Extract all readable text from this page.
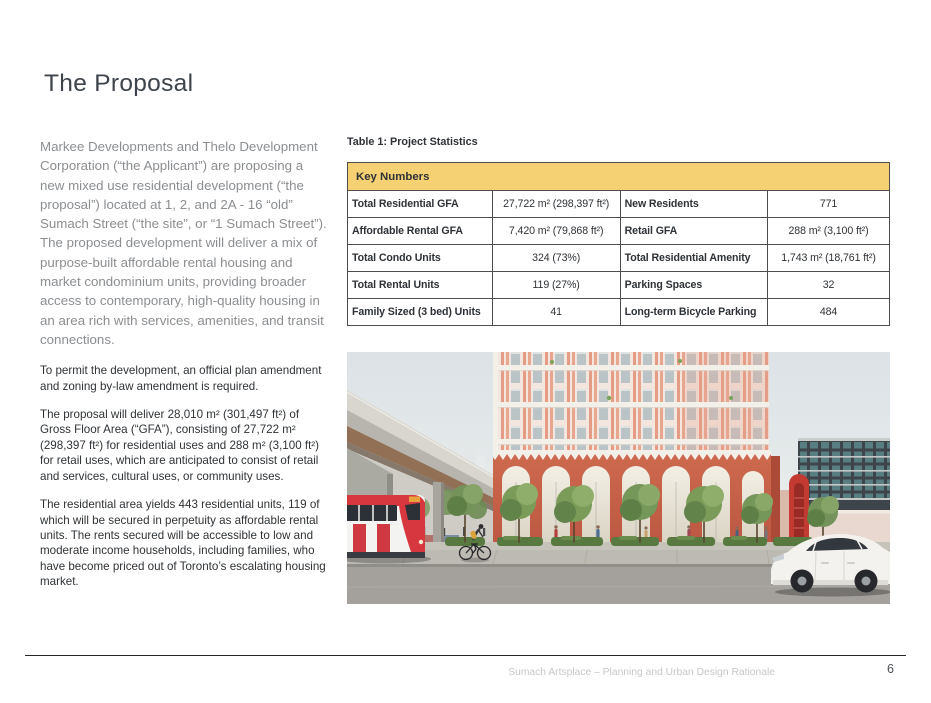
The Proposal

Markee Developments and Thelo Development Corporation (“the Applicant”) are proposing a new mixed use residential development (“the proposal”) located at 1, 2, and 2A - 16 “old” Sumach Street (“the site”, or “1 Sumach Street”). The proposed development will deliver a mix of purpose-built affordable rental housing and market condominium units, providing broader access to contemporary, high-quality housing in an area rich with services, amenities, and transit connections.

To permit the development, an official plan amendment and zoning by-law amendment is required.

The proposal will deliver 28,010 m² (301,497 ft²) of Gross Floor Area (“GFA”), consisting of 27,722 m² (298,397 ft²) for residential uses and 288 m² (3,100 ft²) for retail uses, which are anticipated to consist of retail and services, cultural uses, or community uses.

The residential area yields 443 residential units, 119 of which will be secured in perpetuity as affordable rental units. The rents secured will be accessible to low and moderate income households, including families, who have become priced out of Toronto’s escalating housing market.

Table 1: Project Statistics

Key Numbers			
Total Residential GFA	27,722 m² (298,397 ft²)	New Residents	771
Affordable Rental GFA	7,420 m² (79,868 ft²)	Retail GFA	288 m² (3,100 ft²)
Total Condo Units	324 (73%)	Total Residential Amenity	1,743 m² (18,761 ft²)
Total Rental Units	119 (27%)	Parking Spaces	32
Family Sized (3 bed) Units	41	Long-term Bicycle Parking	484
Sumach Artsplace – Planning and Urban Design Rationale	6
